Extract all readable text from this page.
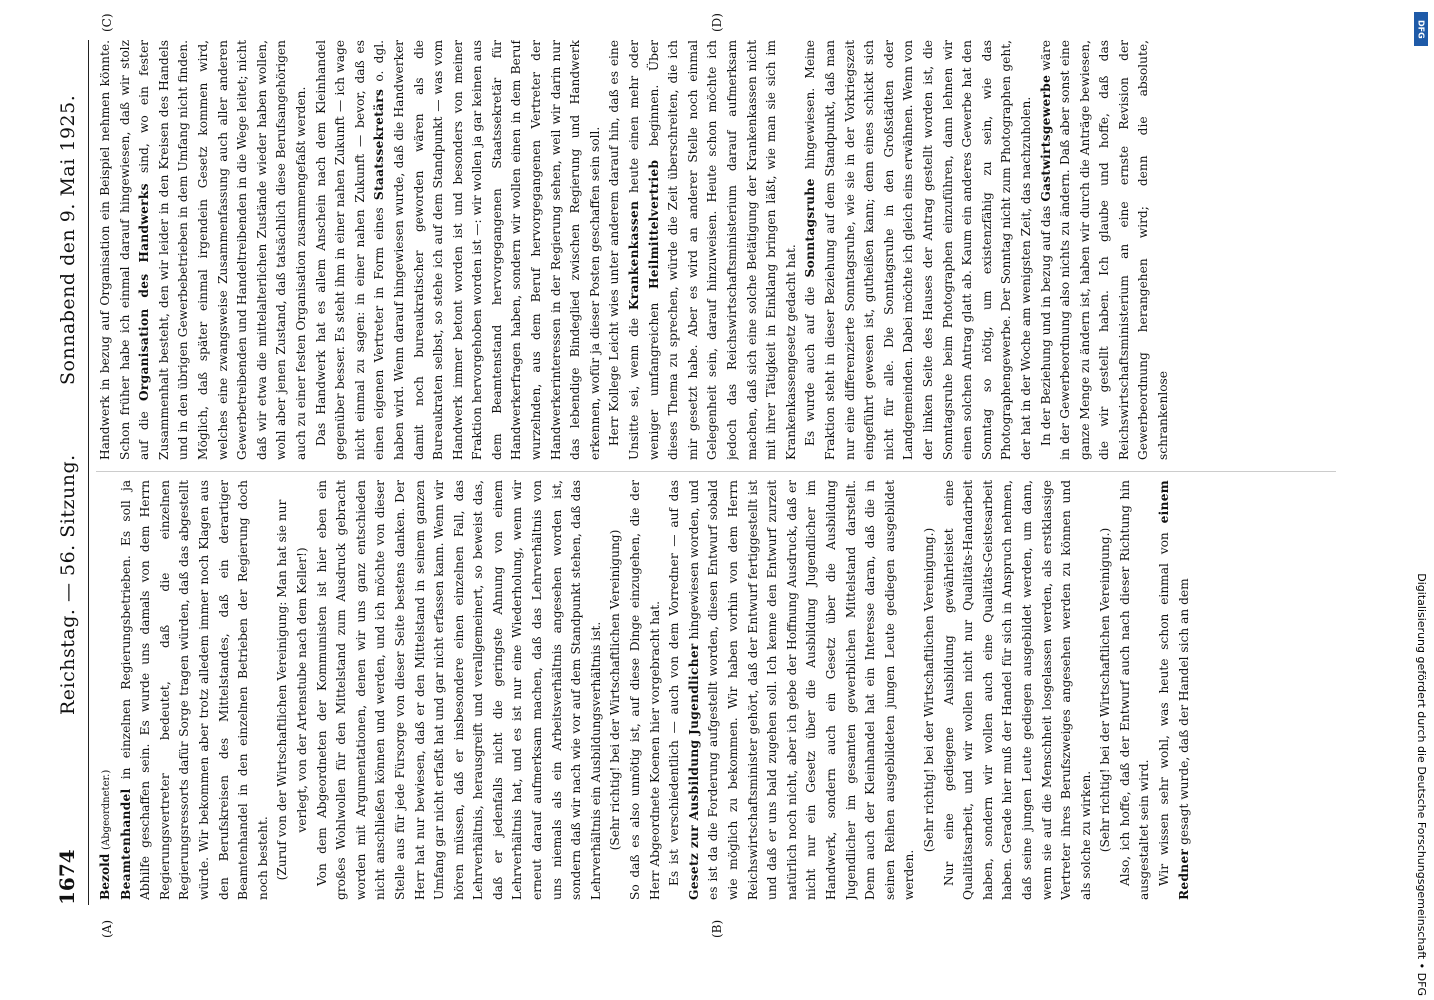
1674
Reichstag. — 56. Sitzung.
Sonnabend den 9. Mai 1925.
(A)	(B)
(C)	(D)

Bezold (Abgeordneter.) Beamtenhandel in einzelnen Regierungsbetrieben. Es soll ja Abhilfe geschaffen sein. Es wurde uns damals von dem Herrn Regierungsvertreter bedeutet, daß die einzelnen Regierungsressorts dafür Sorge tragen würden, daß das abgestellt würde. Wir bekommen aber trotz alledem immer noch Klagen aus den Berufskreisen des Mittelstandes, daß ein derartiger Beamtenhandel in den einzelnen Betrieben der Regierung doch noch besteht. (Zuruf von der Wirtschaftlichen Vereinigung: Man hat sie nur verlegt, von der Artenstube nach dem Keller!) Von dem Abgeordneten der Kommunisten ist hier eben ein großes Wohlwollen für den Mittelstand zum Ausdruck gebracht worden mit Argumentationen, denen wir uns ganz entschieden nicht anschließen können und werden, und ich möchte von dieser Stelle aus für jede Fürsorge von dieser Seite bestens danken. Der Herr hat nur bewiesen, daß er den Mittelstand in seinem ganzen Umfang gar nicht erfaßt hat und gar nicht erfassen kann. Wenn wir hören müssen, daß er insbesondere einen einzelnen Fall, das Lehrverhältnis, herausgreift und verallgemeinert, so beweist das, daß er jedenfalls nicht die geringste Ahnung von einem Lehrverhältnis hat, und es ist nur eine Wiederholung, wenn wir erneut darauf aufmerksam machen, daß das Lehrverhältnis von uns niemals als ein Arbeitsverhältnis angesehen worden ist, sondern daß wir nach wie vor auf dem Standpunkt stehen, daß das Lehrverhältnis ein Ausbildungsverhältnis ist. (Sehr richtig! bei der Wirtschaftlichen Vereinigung) So daß es also unnötig ist, auf diese Dinge einzugehen, die der Herr Abgeordnete Koenen hier vorgebracht hat. Es ist verschiedentlich — auch von dem Vorredner — auf das Gesetz zur Ausbildung Jugendlicher hingewiesen worden, und es ist da die Forderung aufgestellt worden, diesen Entwurf sobald wie möglich zu bekommen. Wir haben vorhin von dem Herrn Reichswirtschaftsminister gehört, daß der Entwurf fertiggestellt ist und daß er uns bald zugehen soll. Ich kenne den Entwurf zurzeit natürlich noch nicht, aber ich gebe der Hoffnung Ausdruck, daß er nicht nur ein Gesetz über die Ausbildung Jugendlicher im Handwerk, sondern auch ein Gesetz über die Ausbildung Jugendlicher im gesamten gewerblichen Mittelstand darstellt. Denn auch der Kleinhandel hat ein Interesse daran, daß die in seinen Reihen ausgebildeten jungen Leute gediegen ausgebildet werden.

(Sehr richtig! bei der Wirtschaftlichen Vereinigung.) Nur eine gediegene Ausbildung gewährleistet eine Qualitätsarbeit, und wir wollen nicht nur Qualitäts-Handarbeit haben, sondern wir wollen auch eine Qualitäts-Geistesarbeit haben. Gerade hier muß der Handel für sich in Anspruch nehmen, daß seine jungen Leute gediegen ausgebildet werden, um dann, wenn sie auf die Menschheit losgelassen werden, als erstklassige Vertreter ihres Berufszweiges angesehen werden zu können und als solche zu wirken. (Sehr richtig! bei der Wirtschaftlichen Vereinigung.) Also, ich hoffe, daß der Entwurf auch nach dieser Richtung hin ausgestaltet sein wird. Wir wissen sehr wohl, was heute schon einmal von einem Redner gesagt wurde, daß der Handel sich an dem

Handwerk in bezug auf Organisation ein Beispiel nehmen könnte. Schon früher habe ich einmal darauf hingewiesen, daß wir stolz auf die Organisation des Handwerks sind, wo ein fester Zusammenhalt besteht, den wir leider in den Kreisen des Handels und in den übrigen Gewerbebetrieben in dem Umfang nicht finden. Möglich, daß später einmal irgendein Gesetz kommen wird, welches eine zwangsweise Zusammenfassung auch aller anderen Gewerbetreibenden und Handeltreibenden in die Wege leitet; nicht daß wir etwa die mittelalterlichen Zustände wieder haben wollen, wohl aber jenen Zustand, daß tatsächlich diese Berufsangehörigen auch zu einer festen Organisation zusammengefaßt werden. Das Handwerk hat es allem Anschein nach dem Kleinhandel gegenüber besser. Es steht ihm in einer nahen Zukunft — ich wage nicht einmal zu sagen: in einer nahen Zukunft — bevor, daß es einen eigenen Vertreter in Form eines Staatssekretärs o. dgl. haben wird. Wenn darauf hingewiesen wurde, daß die Handwerker damit noch bureaukratischer geworden wären als die Bureaukraten selbst, so stehe ich auf dem Standpunkt — was vom Handwerk immer betont worden ist und besonders von meiner Fraktion hervorgehoben worden ist —: wir wollen ja gar keinen aus dem Beamtenstand hervorgegangenen Staatssekretär für Handwerkerfragen haben, sondern wir wollen einen in dem Beruf wurzelnden, aus dem Beruf hervorgegangenen Vertreter der Handwerkerinteressen in der Regierung sehen, weil wir darin nur das lebendige Bindeglied zwischen Regierung und Handwerk erkennen, wofür ja dieser Posten geschaffen sein soll. Herr Kollege Leicht wies unter anderem darauf hin, daß es eine Unsitte sei, wenn die Krankenkassen heute einen mehr oder weniger umfangreichen Heilmittelvertrieb beginnen. Über dieses Thema zu sprechen, würde die Zeit überschreiten, die ich mir gesetzt habe. Aber es wird an anderer Stelle noch einmal Gelegenheit sein, darauf hinzuweisen. Heute schon möchte ich jedoch das Reichswirtschaftsministerium darauf aufmerksam machen, daß sich eine solche Betätigung der Krankenkassen nicht mit ihrer Tätigkeit in Einklang bringen läßt, wie man sie sich im Krankenkassengesetz gedacht hat. Es wurde auch auf die Sonntagsruhe hingewiesen. Meine Fraktion steht in dieser Beziehung auf dem Standpunkt, daß man nur eine differenzierte Sonntagsruhe, wie sie in der Vorkriegszeit eingeführt gewesen ist, gutheißen kann; denn eines schickt sich nicht für alle. Die Sonntagsruhe in den Großstädten oder Landgemeinden. Dabei möchte ich gleich eins erwähnen. Wenn von der linken Seite des Hauses der Antrag gestellt worden ist, die Sonntagsruhe beim Photographen einzuführen, dann lehnen wir einen solchen Antrag glatt ab. Kaum ein anderes Gewerbe hat den Sonntag so nötig, um existenzfähig zu sein, wie das Photographengewerbe. Der Sonntag nicht zum Photographen geht, der hat in der Woche am wenigsten Zeit, das nachzuholen. In der Beziehung und in bezug auf das Gastwirtsgewerbe wäre in der Gewerbeordnung also nichts zu ändern. Daß aber sonst eine ganze Menge zu ändern ist, haben wir durch die Anträge bewiesen, die wir gestellt haben. Ich glaube und hoffe, daß das Reichswirtschaftsministerium an eine ernste Revision der Gewerbeordnung herangehen wird; denn die absolute, schrankenlose

Digitalisierung gefördert durch die Deutsche Forschungsgemeinschaft • DFG
DFG
